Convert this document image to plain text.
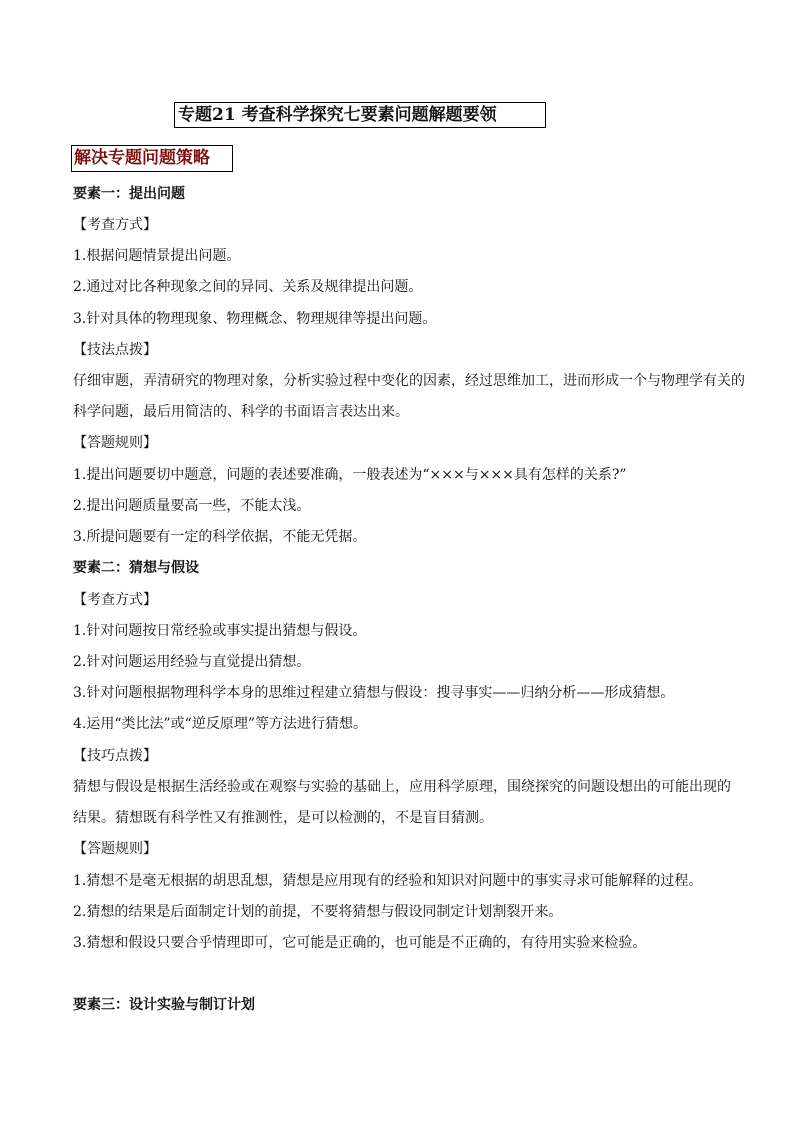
专题21 考查科学探究七要素问题解题要领
解决专题问题策略
要素一：提出问题
【考查方式】
1.根据问题情景提出问题。
2.通过对比各种现象之间的异同、关系及规律提出问题。
3.针对具体的物理现象、物理概念、物理规律等提出问题。
【技法点拨】
仔细审题，弄清研究的物理对象，分析实验过程中变化的因素，经过思维加工，进而形成一个与物理学有关的
科学问题，最后用简洁的、科学的书面语言表达出来。
【答题规则】
1.提出问题要切中题意，问题的表述要准确，一般表述为“×××与×××具有怎样的关系?”
2.提出问题质量要高一些，不能太浅。
3.所提问题要有一定的科学依据，不能无凭据。
要素二：猜想与假设
【考查方式】
1.针对问题按日常经验或事实提出猜想与假设。
2.针对问题运用经验与直觉提出猜想。
3.针对问题根据物理科学本身的思维过程建立猜想与假设：搜寻事实——归纳分析——形成猜想。
4.运用“类比法”或“逆反原理”等方法进行猜想。
【技巧点拨】
猜想与假设是根据生活经验或在观察与实验的基础上，应用科学原理，围绕探究的问题设想出的可能出现的
结果。猜想既有科学性又有推测性，是可以检测的，不是盲目猜测。
【答题规则】
1.猜想不是毫无根据的胡思乱想，猜想是应用现有的经验和知识对问题中的事实寻求可能解释的过程。
2.猜想的结果是后面制定计划的前提，不要将猜想与假设同制定计划割裂开来。
3.猜想和假设只要合乎情理即可，它可能是正确的，也可能是不正确的，有待用实验来检验。
要素三：设计实验与制订计划
